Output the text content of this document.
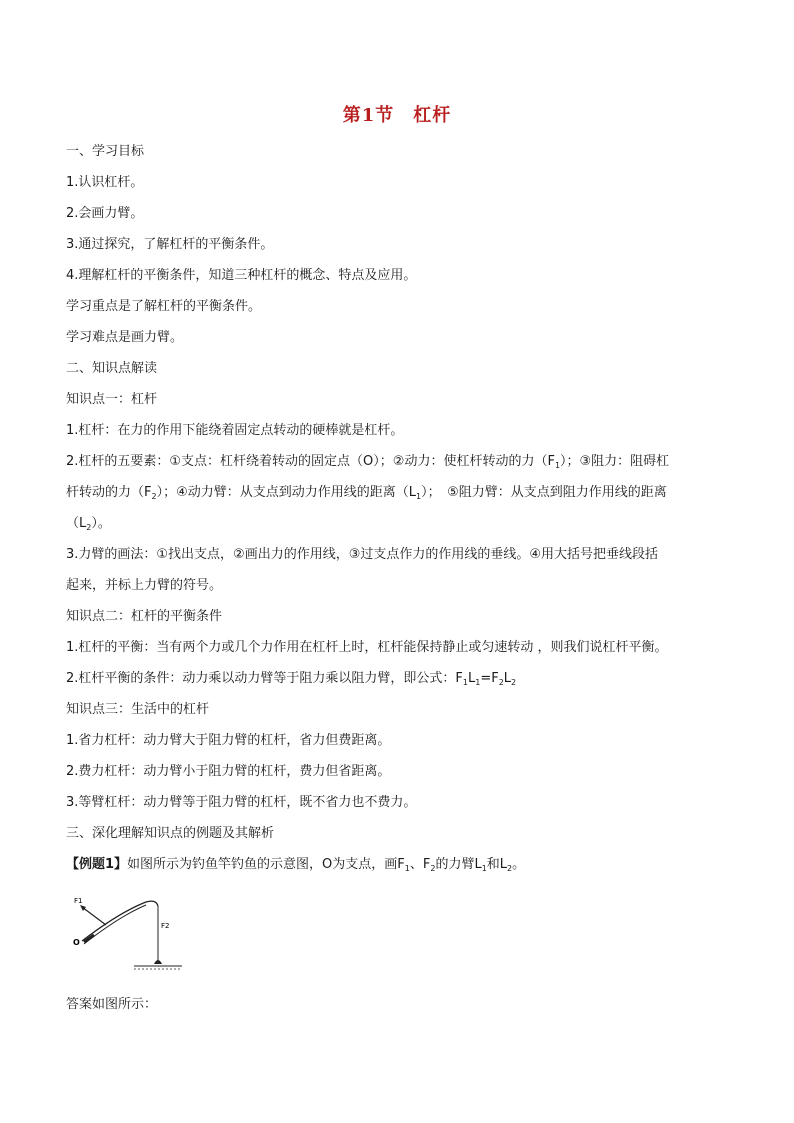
第1节　杠杆
一、学习目标
1.认识杠杆。
2.会画力臂。
3.通过探究，了解杠杆的平衡条件。
4.理解杠杆的平衡条件，知道三种杠杆的概念、特点及应用。
学习重点是了解杠杆的平衡条件。
学习难点是画力臂。
二、知识点解读
知识点一：杠杆
1.杠杆：在力的作用下能绕着固定点转动的硬棒就是杠杆。
2.杠杆的五要素：①支点：杠杆绕着转动的固定点（O）；②动力：使杠杆转动的力$(F_1)$；③阻力：阻碍杠
杆转动的力$(F_2)$；④动力臂：从支点到动力作用线的距离$(L_1)$；　⑤阻力臂：从支点到阻力作用线的距离
$(L_2)$。
3.力臂的画法：①找出支点，②画出力的作用线，③过支点作力的作用线的垂线。④用大括号把垂线段括
起来，并标上力臂的符号。
知识点二：杠杆的平衡条件
1.杠杆的平衡：当有两个力或几个力作用在杠杆上时，杠杆能保持静止或匀速转动 ，则我们说杠杆平衡。
2.杠杆平衡的条件：动力乘以动力臂等于阻力乘以阻力臂，即公式：$F_1L_1=F_2L_2$
知识点三：生活中的杠杆
1.省力杠杆：动力臂大于阻力臂的杠杆，省力但费距离。
2.费力杠杆：动力臂小于阻力臂的杠杆，费力但省距离。
3.等臂杠杆：动力臂等于阻力臂的杠杆，既不省力也不费力。
三、深化理解知识点的例题及其解析
【例题1】如图所示为钓鱼竿钓鱼的示意图，O为支点，画$F_1$、$F_2$的力臂$L_1$和$L_2$。
F1
O
F2
答案如图所示：
